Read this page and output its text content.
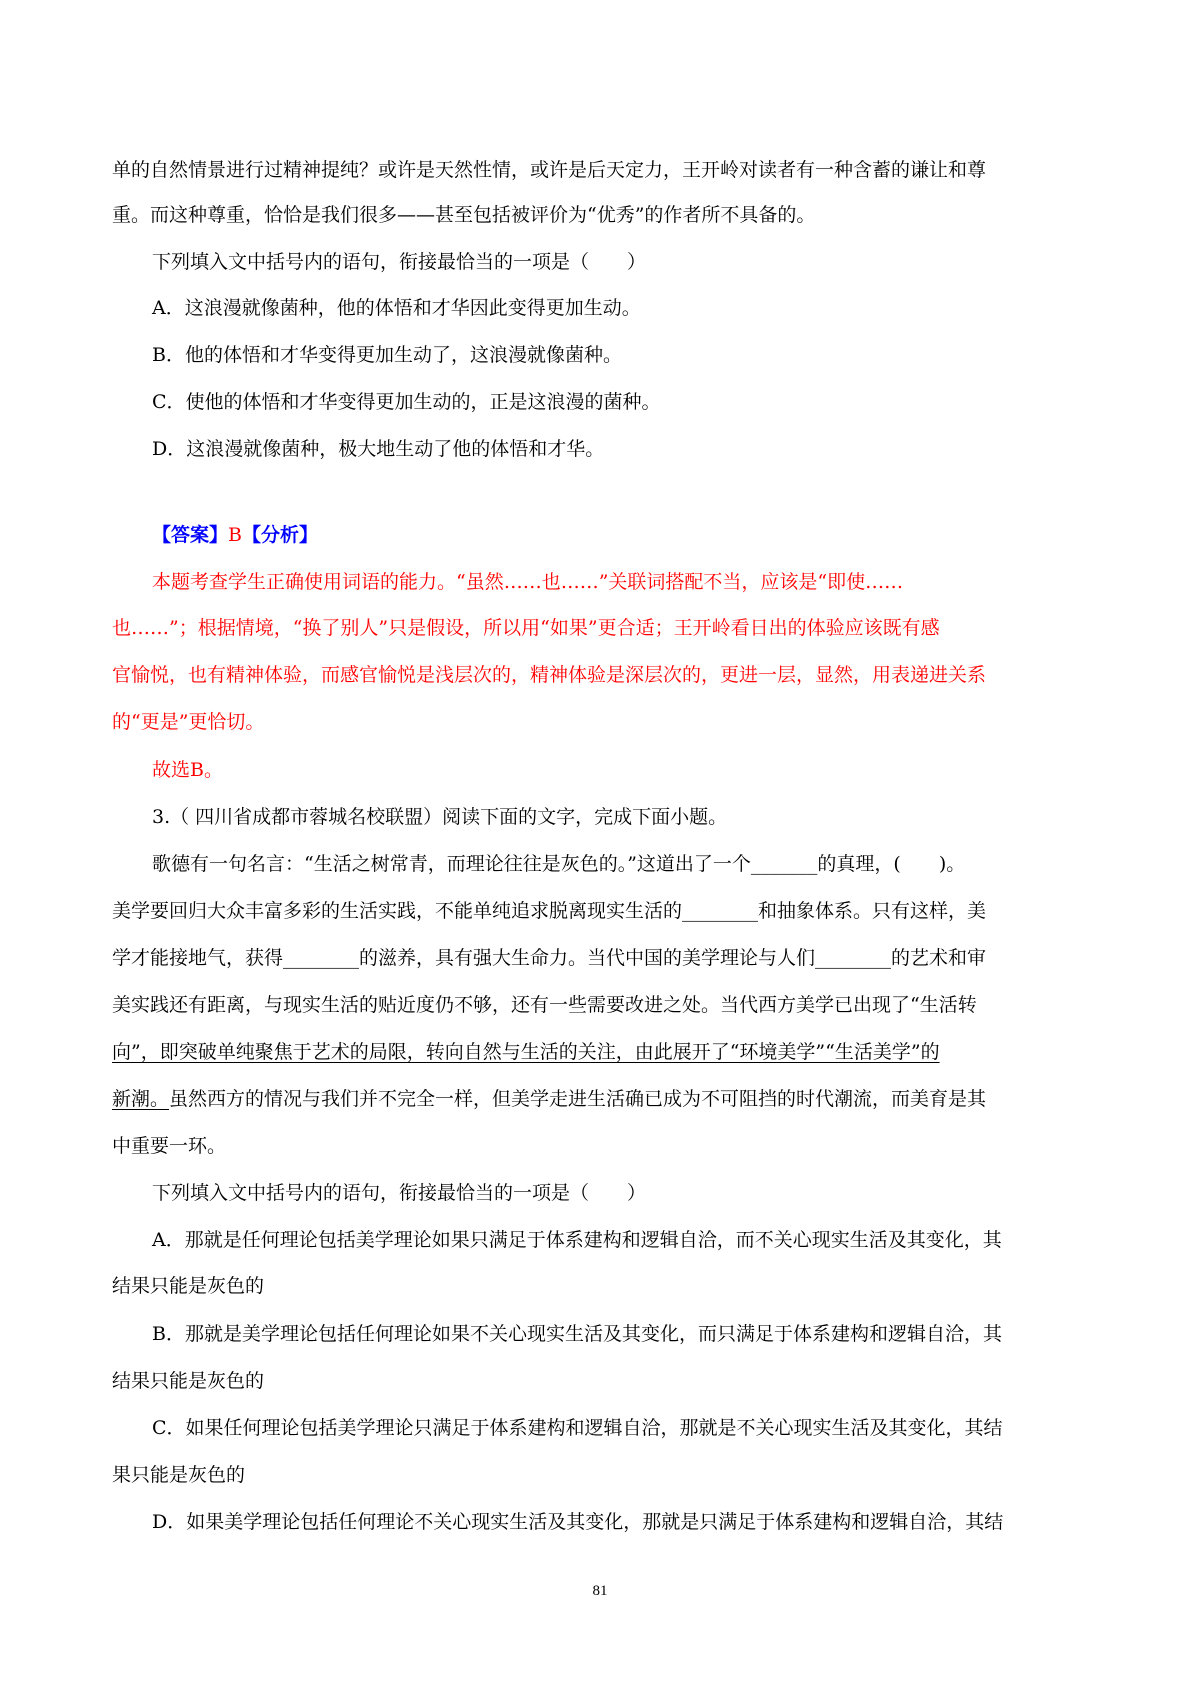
单的自然情景进行过精神提纯？或许是天然性情，或许是后天定力，王开岭对读者有一种含蓄的谦让和尊
重。而这种尊重，恰恰是我们很多——甚至包括被评价为“优秀”的作者所不具备的。
下列填入文中括号内的语句，衔接最恰当的一项是（　　）
A．这浪漫就像菌种，他的体悟和才华因此变得更加生动。
B．他的体悟和才华变得更加生动了，这浪漫就像菌种。
C．使他的体悟和才华变得更加生动的，正是这浪漫的菌种。
D．这浪漫就像菌种，极大地生动了他的体悟和才华。
【答案】B【分析】
本题考查学生正确使用词语的能力。“虽然……也……”关联词搭配不当，应该是“即使……
也……”；根据情境，“换了别人”只是假设，所以用“如果”更合适；王开岭看日出的体验应该既有感
官愉悦，也有精神体验，而感官愉悦是浅层次的，精神体验是深层次的，更进一层，显然，用表递进关系
的“更是”更恰切。
故选B。
3.（ 四川省成都市蓉城名校联盟）阅读下面的文字，完成下面小题。
歌德有一句名言：“生活之树常青，而理论往往是灰色的。”这道出了一个_______的真理，(　　)。
美学要回归大众丰富多彩的生活实践，不能单纯追求脱离现实生活的________和抽象体系。只有这样，美
学才能接地气，获得________的滋养，具有强大生命力。当代中国的美学理论与人们________的艺术和审
美实践还有距离，与现实生活的贴近度仍不够，还有一些需要改进之处。当代西方美学已出现了“生活转
向”，即突破单纯聚焦于艺术的局限，转向自然与生活的关注，由此展开了“环境美学”“生活美学”的
新潮。虽然西方的情况与我们并不完全一样，但美学走进生活确已成为不可阻挡的时代潮流，而美育是其
中重要一环。
下列填入文中括号内的语句，衔接最恰当的一项是（　　）
A．那就是任何理论包括美学理论如果只满足于体系建构和逻辑自洽，而不关心现实生活及其变化，其
结果只能是灰色的
B．那就是美学理论包括任何理论如果不关心现实生活及其变化，而只满足于体系建构和逻辑自洽，其
结果只能是灰色的
C．如果任何理论包括美学理论只满足于体系建构和逻辑自洽，那就是不关心现实生活及其变化，其结
果只能是灰色的
D．如果美学理论包括任何理论不关心现实生活及其变化，那就是只满足于体系建构和逻辑自洽，其结
81
